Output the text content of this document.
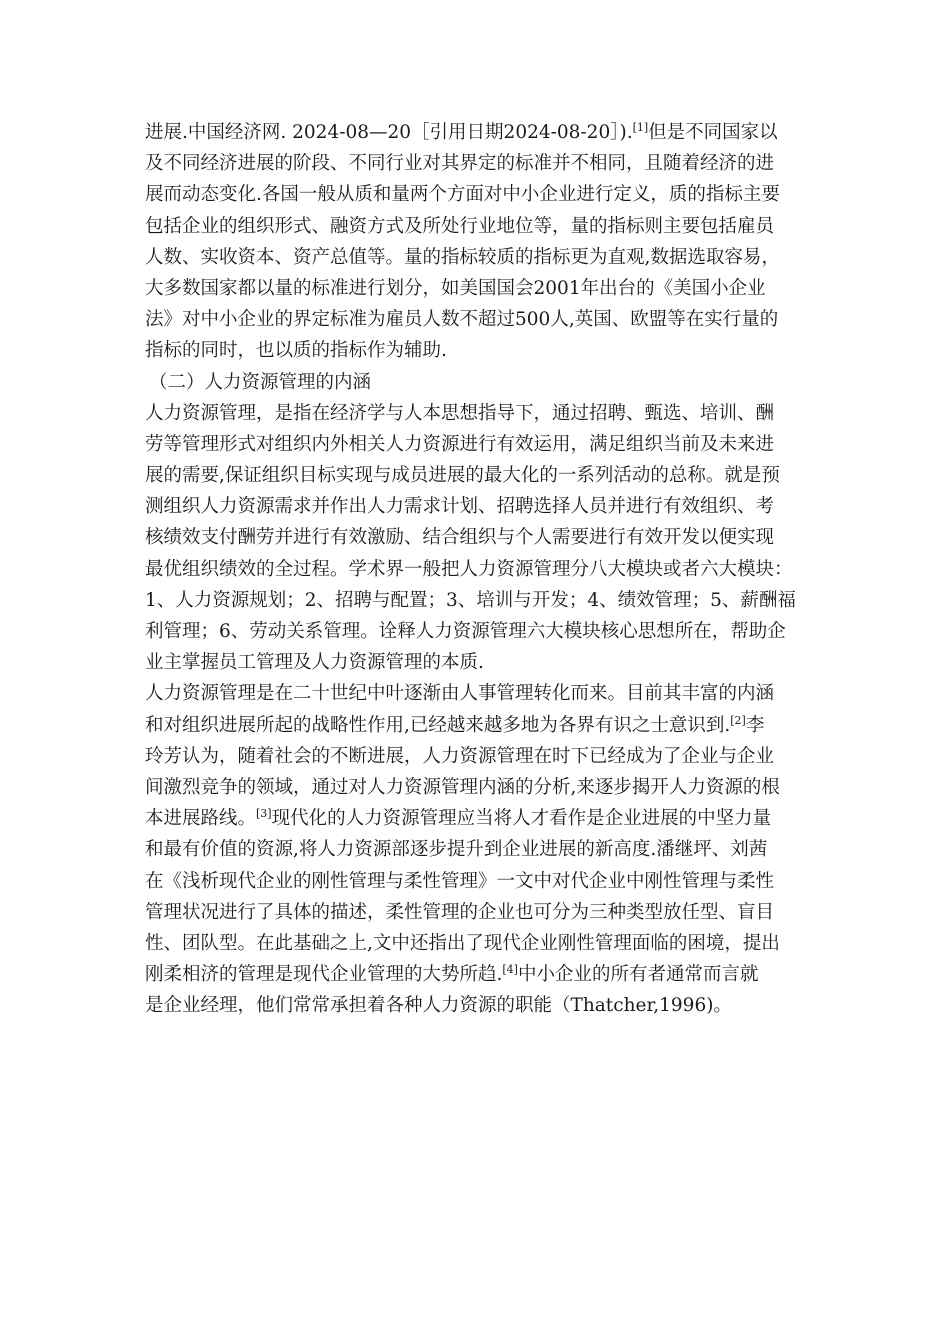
进展.中国经济网. 2024-08—20［引用日期2024-08-20］).[1]但是不同国家以
及不同经济进展的阶段、不同行业对其界定的标准并不相同，且随着经济的进
展而动态变化.各国一般从质和量两个方面对中小企业进行定义，质的指标主要
包括企业的组织形式、融资方式及所处行业地位等，量的指标则主要包括雇员
人数、实收资本、资产总值等。量的指标较质的指标更为直观,数据选取容易，
大多数国家都以量的标准进行划分，如美国国会2001年出台的《美国小企业
法》对中小企业的界定标准为雇员人数不超过500人,英国、欧盟等在实行量的
指标的同时，也以质的指标作为辅助.

（二）人力资源管理的内涵

人力资源管理，是指在经济学与人本思想指导下，通过招聘、甄选、培训、酬
劳等管理形式对组织内外相关人力资源进行有效运用，满足组织当前及未来进
展的需要,保证组织目标实现与成员进展的最大化的一系列活动的总称。就是预
测组织人力资源需求并作出人力需求计划、招聘选择人员并进行有效组织、考
核绩效支付酬劳并进行有效激励、结合组织与个人需要进行有效开发以便实现
最优组织绩效的全过程。学术界一般把人力资源管理分八大模块或者六大模块：
1、人力资源规划；2、招聘与配置；3、培训与开发；4、绩效管理；5、薪酬福
利管理；6、劳动关系管理。诠释人力资源管理六大模块核心思想所在，帮助企
业主掌握员工管理及人力资源管理的本质.

人力资源管理是在二十世纪中叶逐渐由人事管理转化而来。目前其丰富的内涵
和对组织进展所起的战略性作用,已经越来越多地为各界有识之士意识到.[2]李
玲芳认为，随着社会的不断进展，人力资源管理在时下已经成为了企业与企业
间激烈竞争的领域，通过对人力资源管理内涵的分析,来逐步揭开人力资源的根
本进展路线。[3]现代化的人力资源管理应当将人才看作是企业进展的中坚力量
和最有价值的资源,将人力资源部逐步提升到企业进展的新高度.潘继坪、刘茜
在《浅析现代企业的刚性管理与柔性管理》一文中对代企业中刚性管理与柔性
管理状况进行了具体的描述，柔性管理的企业也可分为三种类型放任型、盲目
性、团队型。在此基础之上,文中还指出了现代企业刚性管理面临的困境，提出
刚柔相济的管理是现代企业管理的大势所趋.[4]中小企业的所有者通常而言就
是企业经理，他们常常承担着各种人力资源的职能（Thatcher,1996)。
